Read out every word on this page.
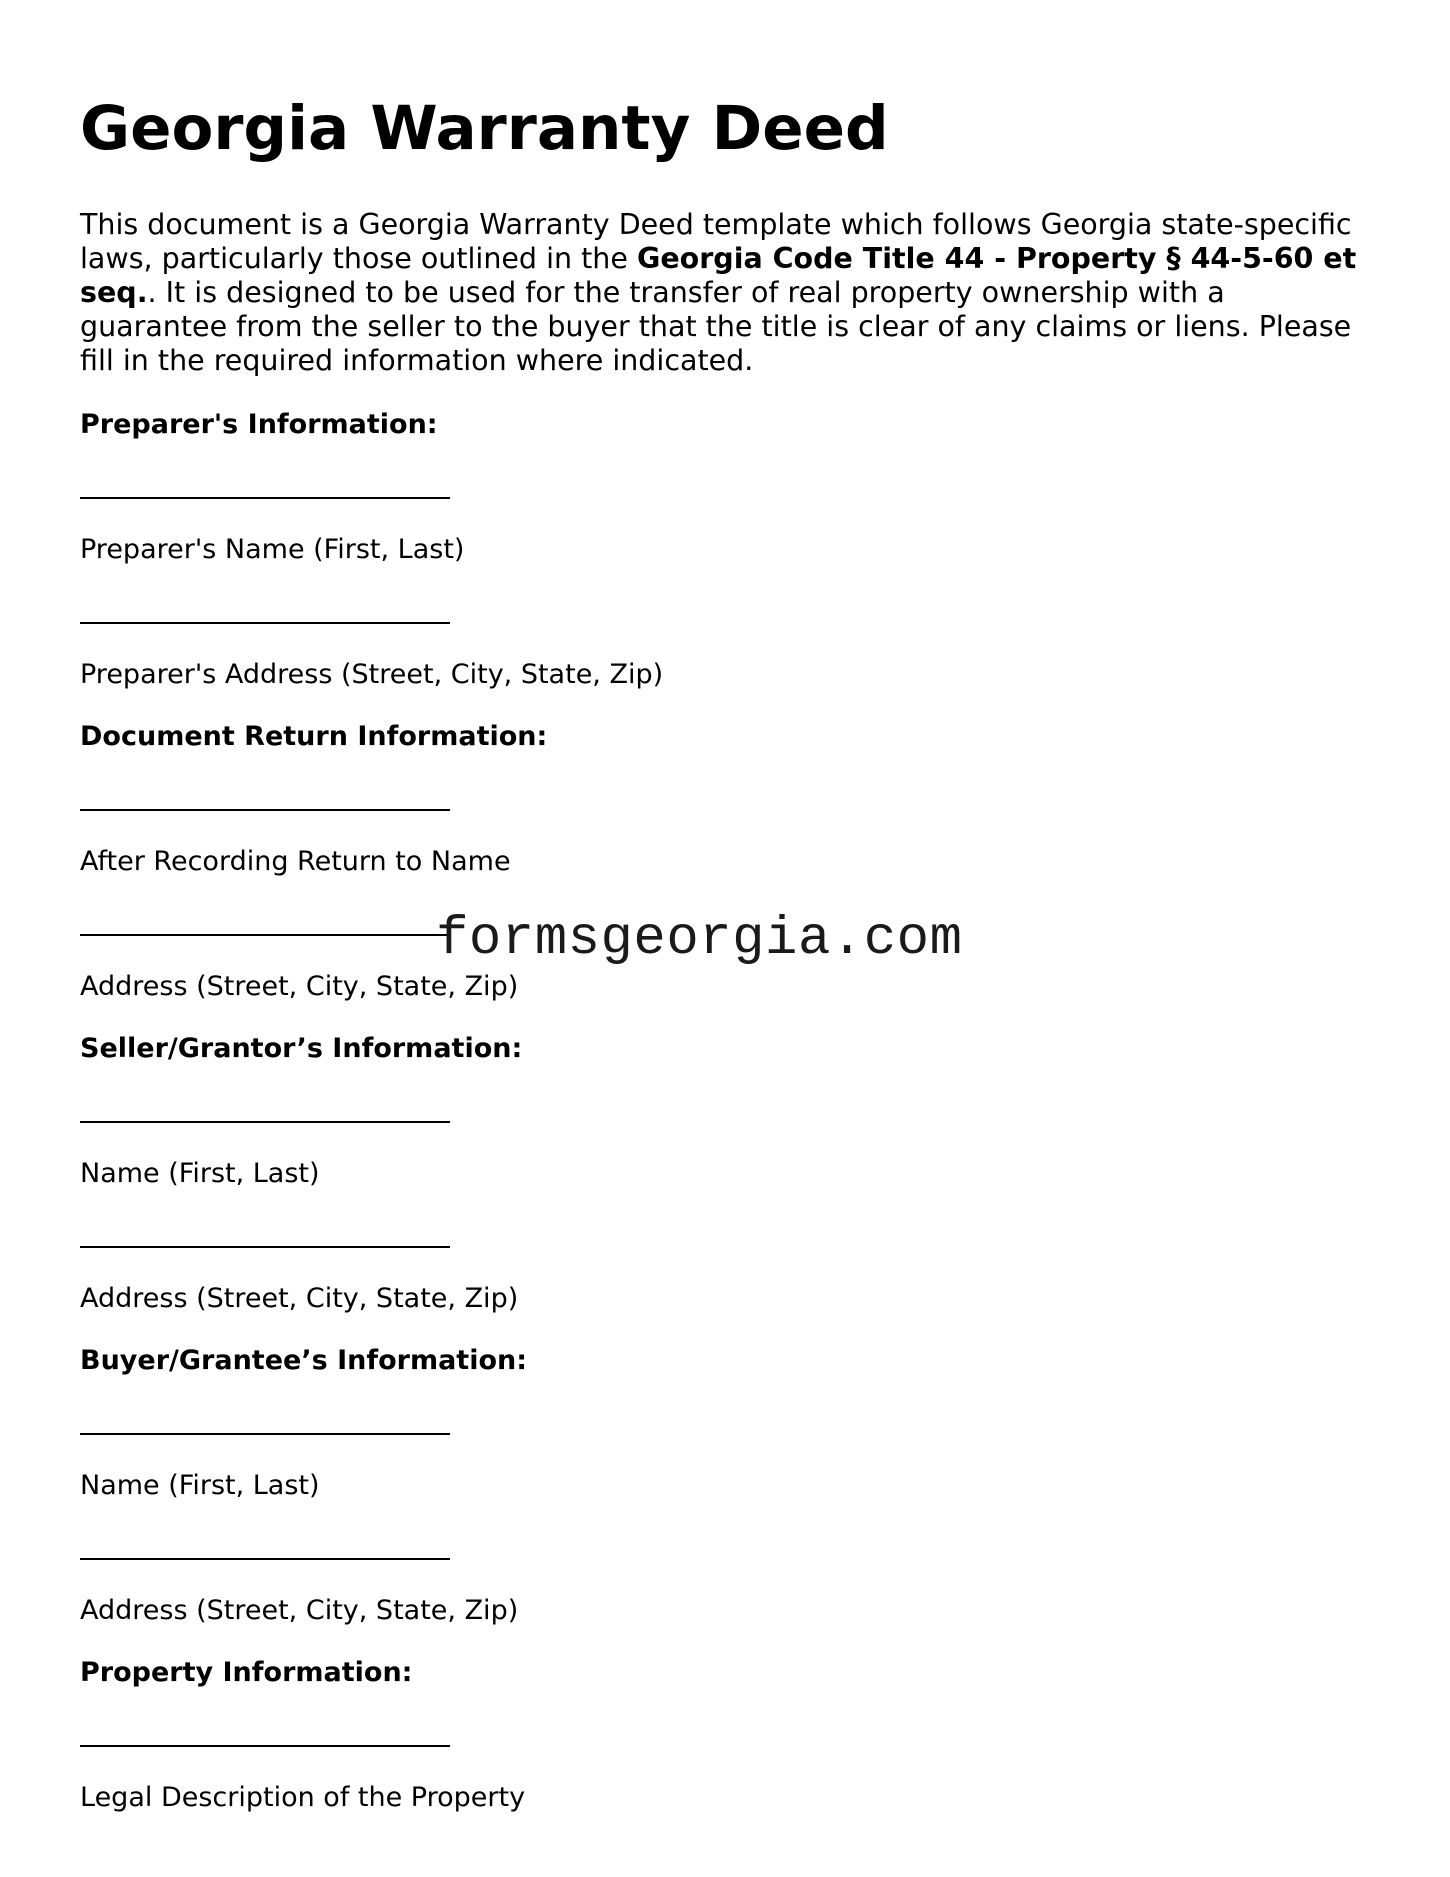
Georgia Warranty Deed

This document is a Georgia Warranty Deed template which follows Georgia state-specific laws, particularly those outlined in the Georgia Code Title 44 - Property § 44-5-60 et seq.. It is designed to be used for the transfer of real property ownership with a guarantee from the seller to the buyer that the title is clear of any claims or liens. Please fill in the required information where indicated.

Preparer's Information:
Preparer's Name (First, Last)
Preparer's Address (Street, City, State, Zip)
Document Return Information:
After Recording Return to Name
Address (Street, City, State, Zip)
Seller/Grantor’s Information:
Name (First, Last)
Address (Street, City, State, Zip)
Buyer/Grantee’s Information:
Name (First, Last)
Address (Street, City, State, Zip)
Property Information:
Legal Description of the Property
formsgeorgia.com
